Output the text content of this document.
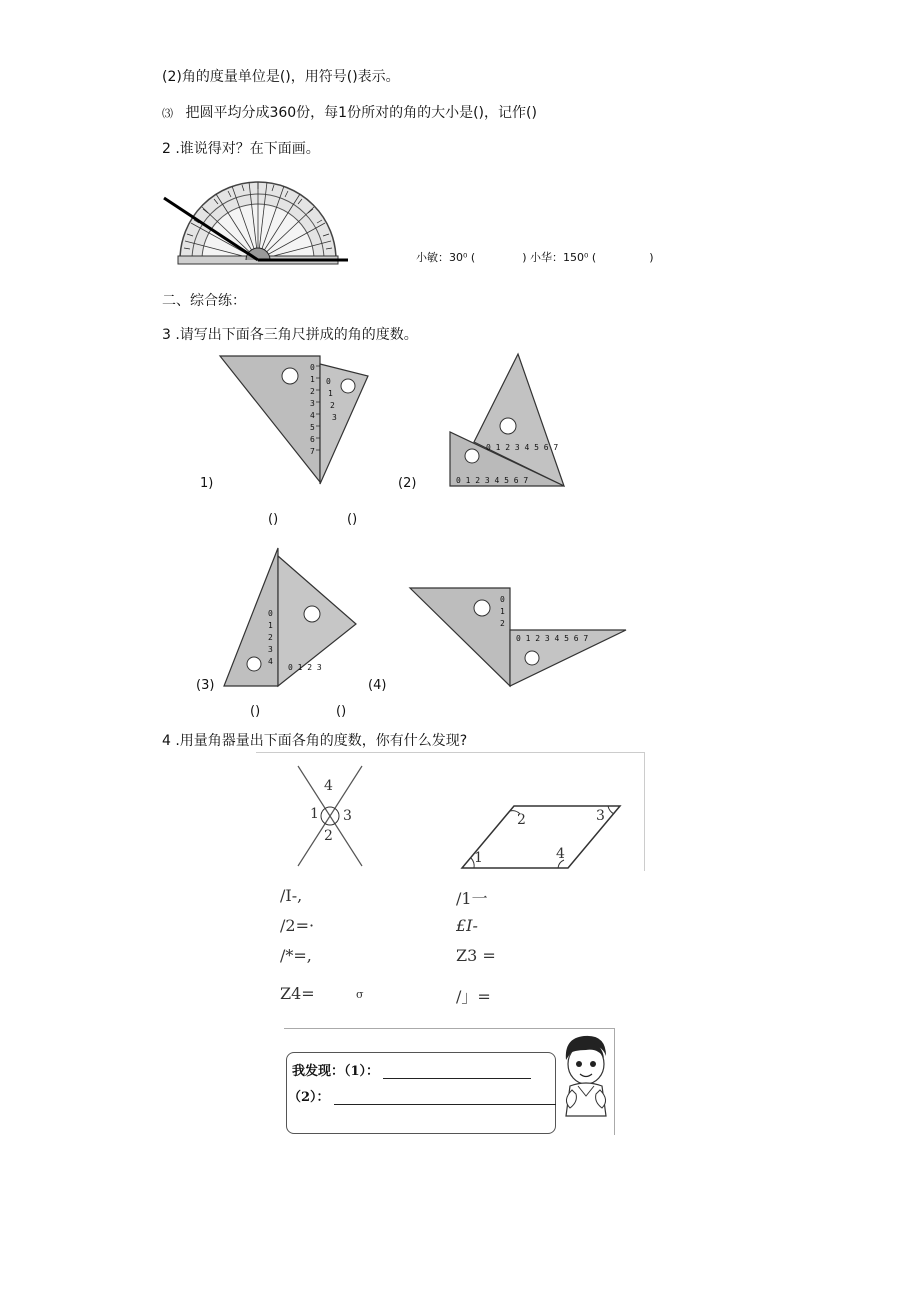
(2)角的度量单位是()，用符号()表示。
⑶ 把圆平均分成360份，每1份所对的角的大小是()，记作()
2 .谁说得对？在下面画。
小敏：30⁰ (	) 小华：150⁰ (	)
二、综合练：
3 .请写出下面各三角尺拼成的角的度数。
0
1
2
3
4
5
6
7
0
1
2
3
1)	0 1 2 3 4 5 6 7
0 1 2 3 4 5 6 7
(2)
()	()
0
1
2
3
4
0 1 2 3
(3)
0 1 2 3 4 5 6 7
0
1
2
(4)
()	()
4 .用量角器量出下面各角的度数，你有什么发现?
4
1 3
2
2	3
1	4
/I-,
/2=·
/*=,
Z4=	σ
/1一
£I-
Z3 =
/」=
我发现：（1）：
（2）：
